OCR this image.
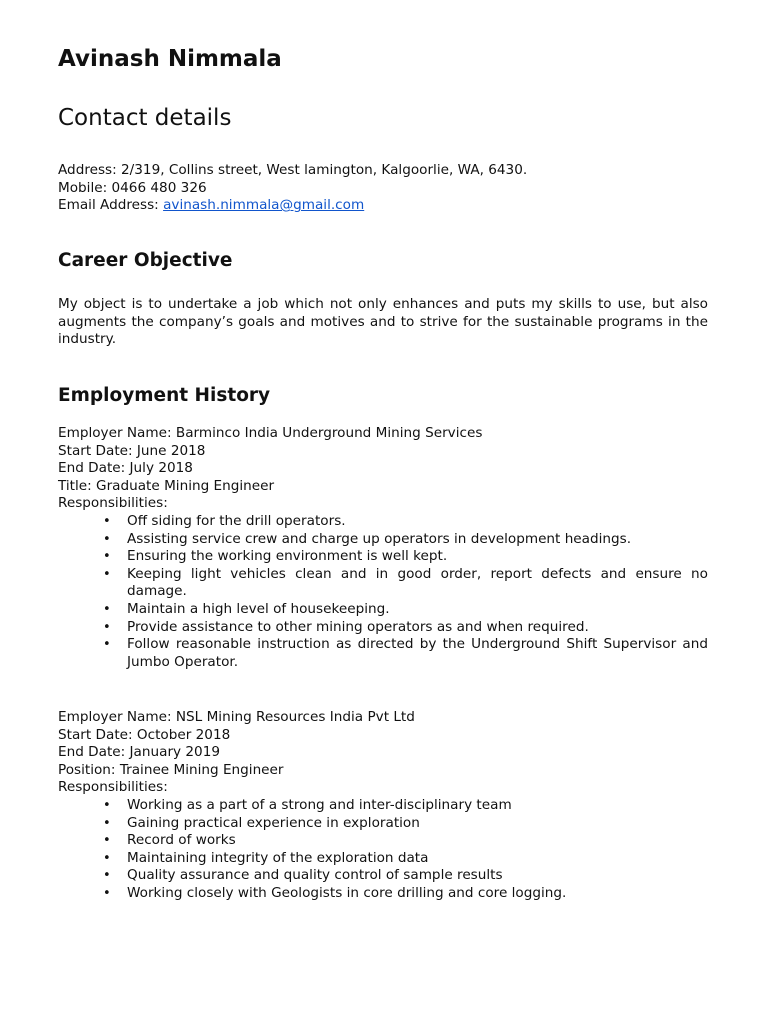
Avinash Nimmala
Contact details
Address: 2/319, Collins street, West lamington, Kalgoorlie, WA, 6430.
Mobile: 0466 480 326
Email Address: avinash.nimmala@gmail.com
Career Objective

My object is to undertake a job which not only enhances and puts my skills to use, but also augments the company’s goals and motives and to strive for the sustainable programs in the industry.

Employment History
Employer Name: Barminco India Underground Mining Services
Start Date: June 2018
End Date: July 2018
Title: Graduate Mining Engineer
Responsibilities:
• Off siding for the drill operators.
• Assisting service crew and charge up operators in development headings.
• Ensuring the working environment is well kept.
• Keeping light vehicles clean and in good order, report defects and ensure no damage.
• Maintain a high level of housekeeping.
• Provide assistance to other mining operators as and when required.
• Follow reasonable instruction as directed by the Underground Shift Supervisor and Jumbo Operator.
Employer Name: NSL Mining Resources India Pvt Ltd
Start Date: October 2018
End Date: January 2019
Position: Trainee Mining Engineer
Responsibilities:
• Working as a part of a strong and inter-disciplinary team
• Gaining practical experience in exploration
• Record of works
• Maintaining integrity of the exploration data
• Quality assurance and quality control of sample results
• Working closely with Geologists in core drilling and core logging.
